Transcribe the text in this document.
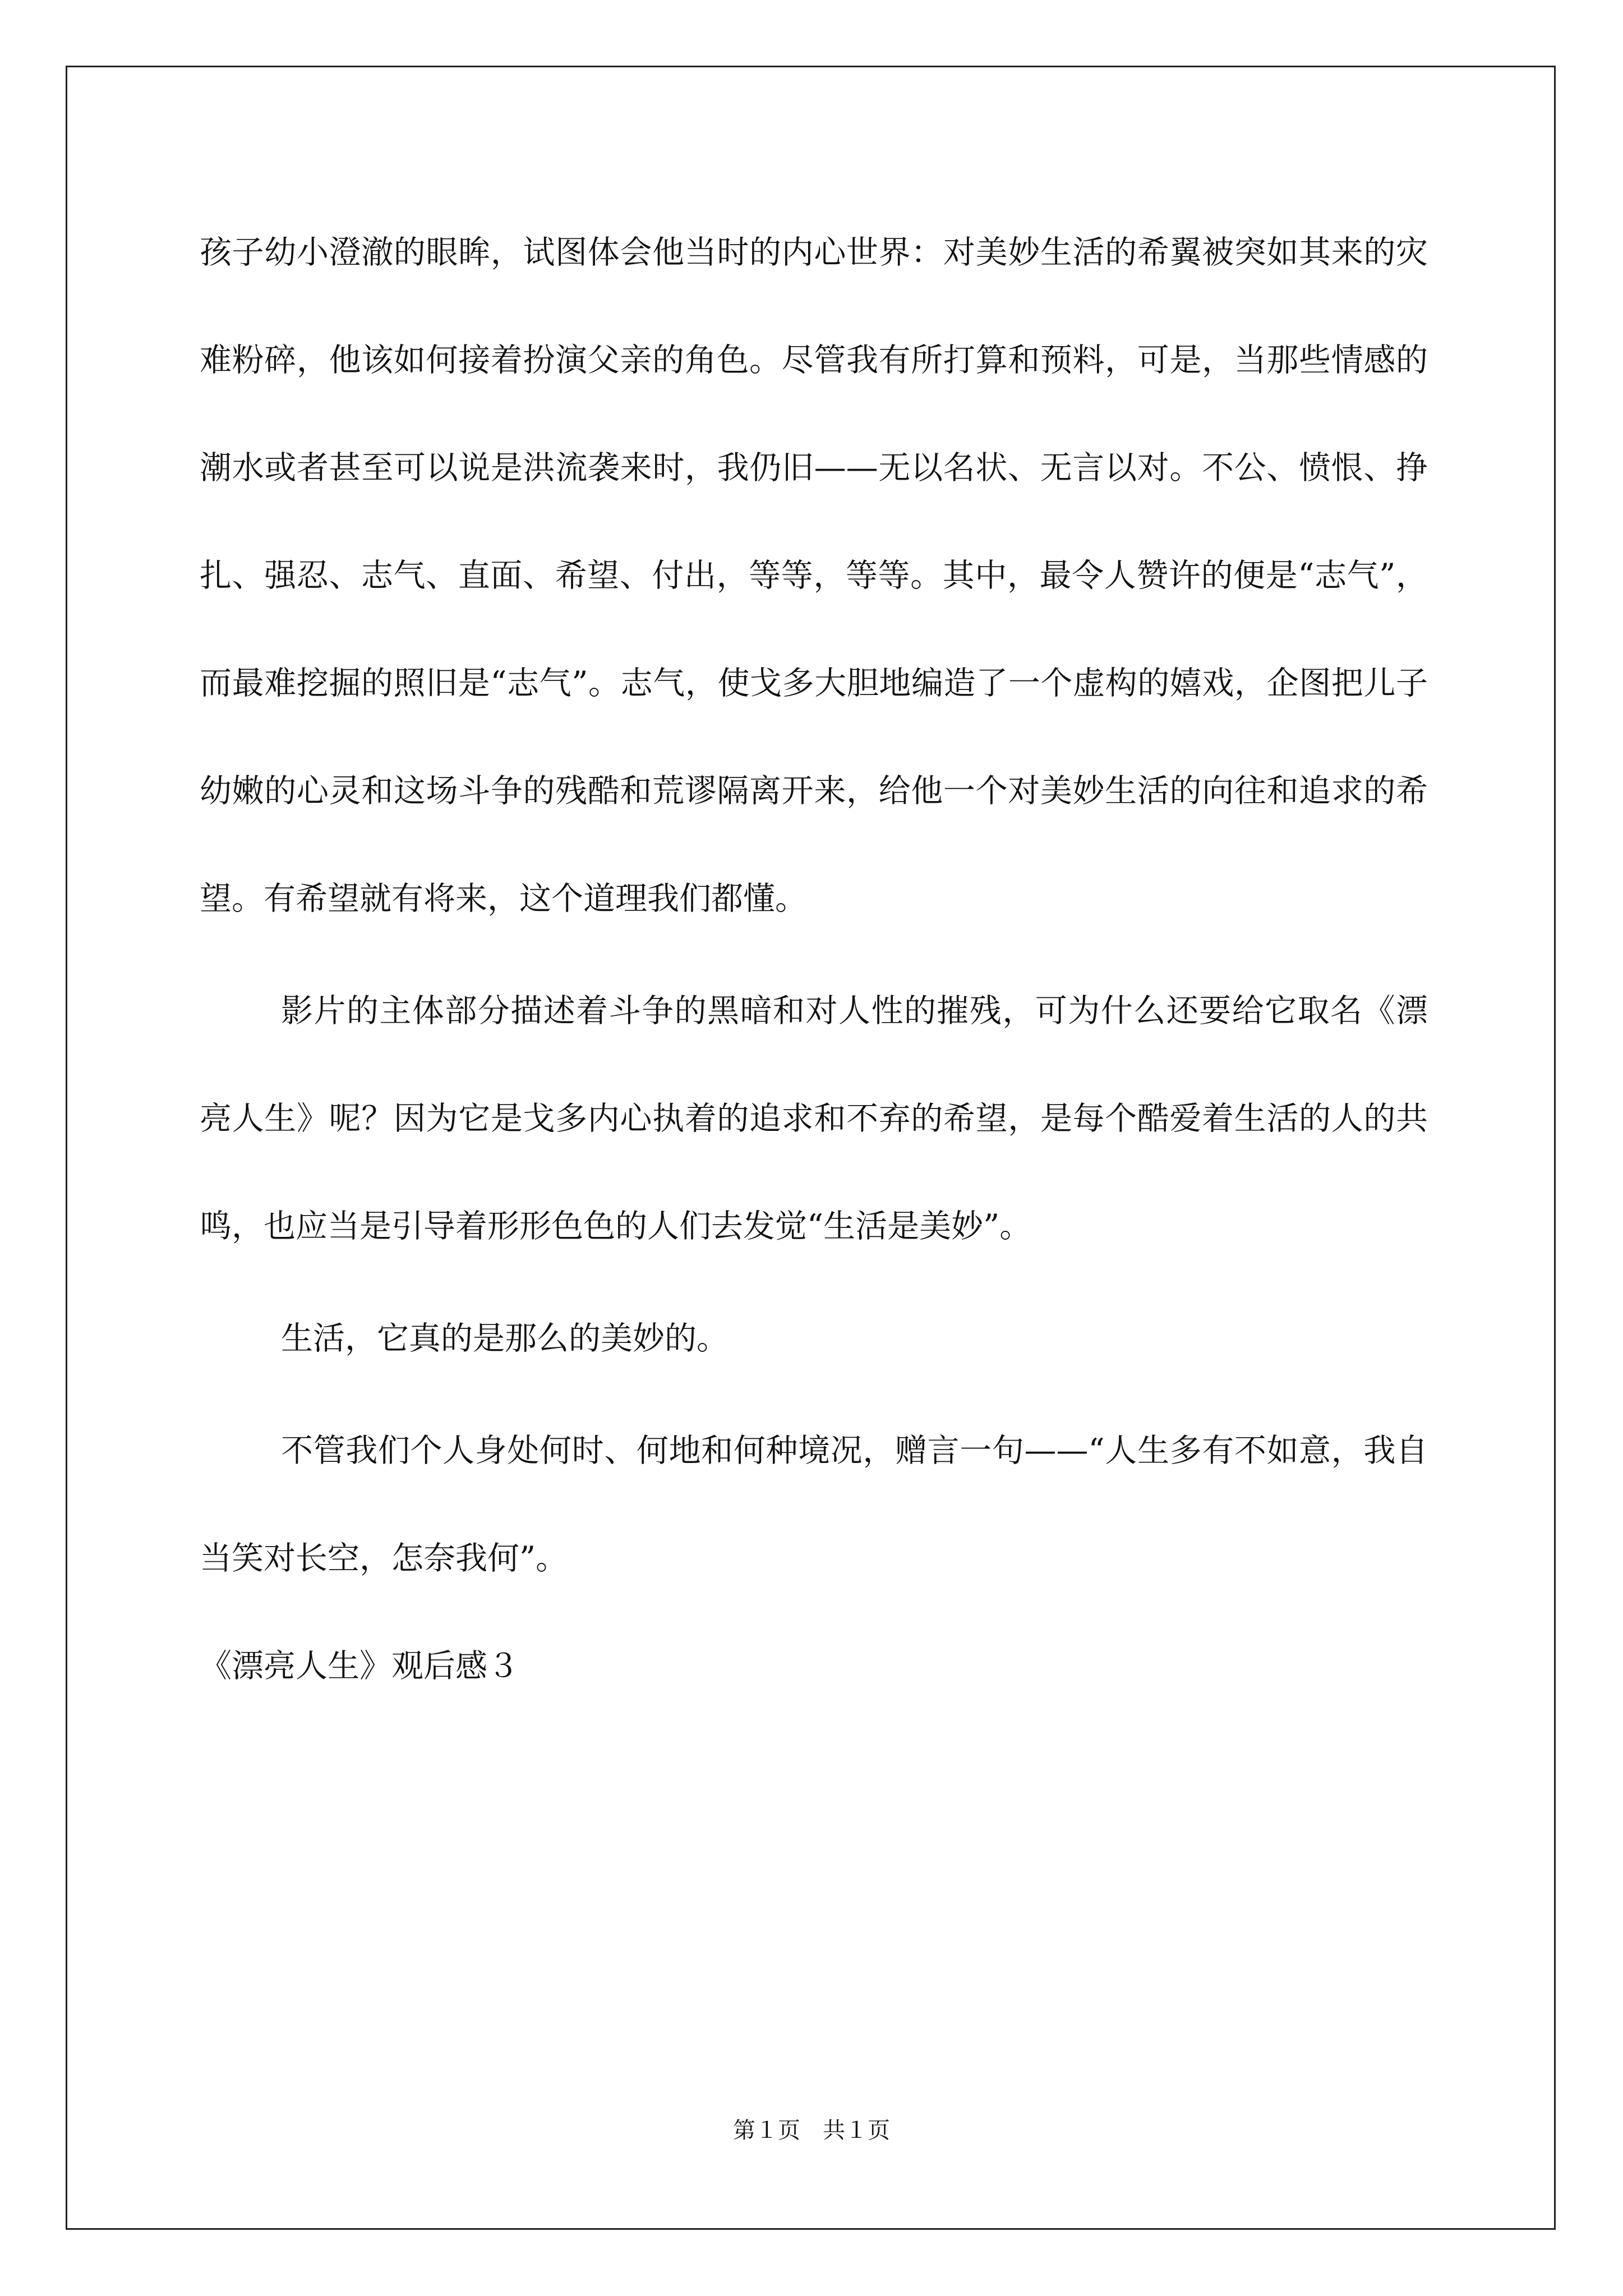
孩子幼小澄澈的眼眸，试图体会他当时的内心世界：对美妙生活的希翼被突如其来的灾难粉碎，他该如何接着扮演父亲的角色。尽管我有所打算和预料，可是，当那些情感的潮水或者甚至可以说是洪流袭来时，我仍旧——无以名状、无言以对。不公、愤恨、挣扎、强忍、志气、直面、希望、付出，等等，等等。其中，最令人赞许的便是“志气”，而最难挖掘的照旧是“志气”。志气，使戈多大胆地编造了一个虚构的嬉戏，企图把儿子幼嫩的心灵和这场斗争的残酷和荒谬隔离开来，给他一个对美妙生活的向往和追求的希望。有希望就有将来，这个道理我们都懂。

影片的主体部分描述着斗争的黑暗和对人性的摧残，可为什么还要给它取名《漂亮人生》呢？因为它是戈多内心执着的追求和不弃的希望，是每个酷爱着生活的人的共鸣，也应当是引导着形形色色的人们去发觉“生活是美妙”。

生活，它真的是那么的美妙的。

不管我们个人身处何时、何地和何种境况，赠言一句——“人生多有不如意，我自当笑对长空，怎奈我何”。

《漂亮人生》观后感３

第１页　共１页
